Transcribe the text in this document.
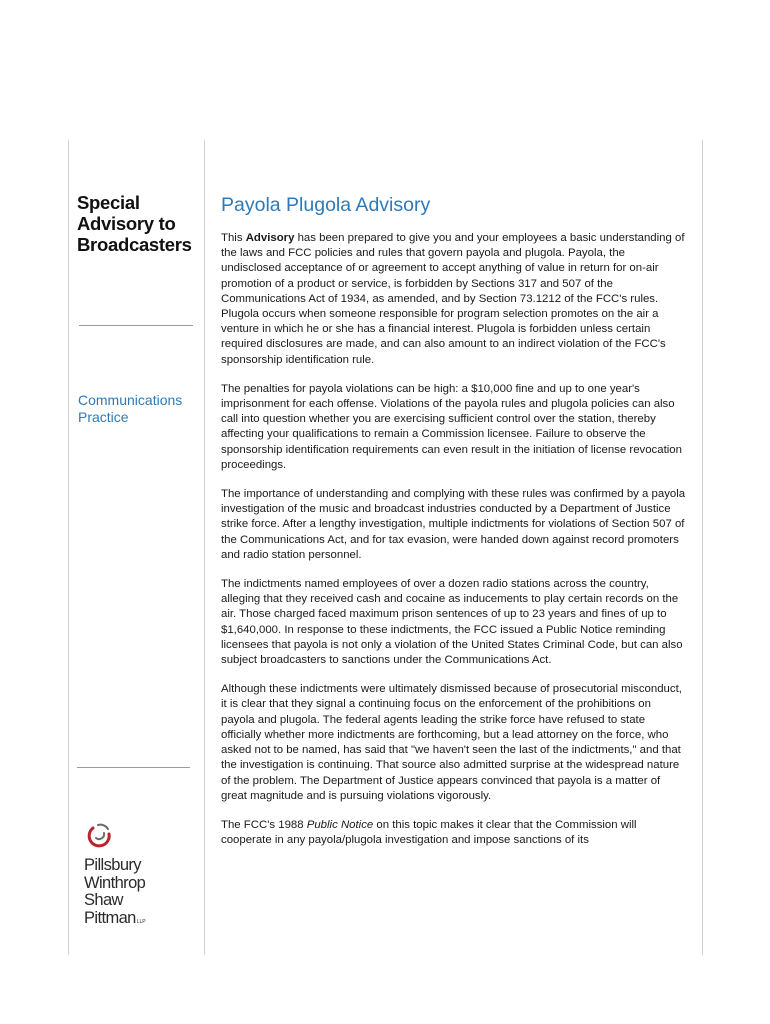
Special
Advisory to
Broadcasters
Communications
Practice
Pillsbury
Winthrop
Shaw
PittmanLLP
Payola Plugola Advisory

This Advisory has been prepared to give you and your employees a basic understanding of the laws and FCC policies and rules that govern payola and plugola. Payola, the undisclosed acceptance of or agreement to accept anything of value in return for on-air promotion of a product or service, is forbidden by Sections 317 and 507 of the Communications Act of 1934, as amended, and by Section 73.1212 of the FCC's rules. Plugola occurs when someone responsible for program selection promotes on the air a venture in which he or she has a financial interest. Plugola is forbidden unless certain required disclosures are made, and can also amount to an indirect violation of the FCC's sponsorship identification rule.

The penalties for payola violations can be high: a $10,000 fine and up to one year's imprisonment for each offense. Violations of the payola rules and plugola policies can also call into question whether you are exercising sufficient control over the station, thereby affecting your qualifications to remain a Commission licensee. Failure to observe the sponsorship identification requirements can even result in the initiation of license revocation proceedings.

The importance of understanding and complying with these rules was confirmed by a payola investigation of the music and broadcast industries conducted by a Department of Justice strike force. After a lengthy investigation, multiple indictments for violations of Section 507 of the Communications Act, and for tax evasion, were handed down against record promoters and radio station personnel.

The indictments named employees of over a dozen radio stations across the country, alleging that they received cash and cocaine as inducements to play certain records on the air. Those charged faced maximum prison sentences of up to 23 years and fines of up to $1,640,000. In response to these indictments, the FCC issued a Public Notice reminding licensees that payola is not only a violation of the United States Criminal Code, but can also subject broadcasters to sanctions under the Communications Act.

Although these indictments were ultimately dismissed because of prosecutorial misconduct, it is clear that they signal a continuing focus on the enforcement of the prohibitions on payola and plugola. The federal agents leading the strike force have refused to state officially whether more indictments are forthcoming, but a lead attorney on the force, who asked not to be named, has said that "we haven't seen the last of the indictments," and that the investigation is continuing. That source also admitted surprise at the widespread nature of the problem. The Department of Justice appears convinced that payola is a matter of great magnitude and is pursuing violations vigorously.

The FCC's 1988 Public Notice on this topic makes it clear that the Commission will cooperate in any payola/plugola investigation and impose sanctions of its
